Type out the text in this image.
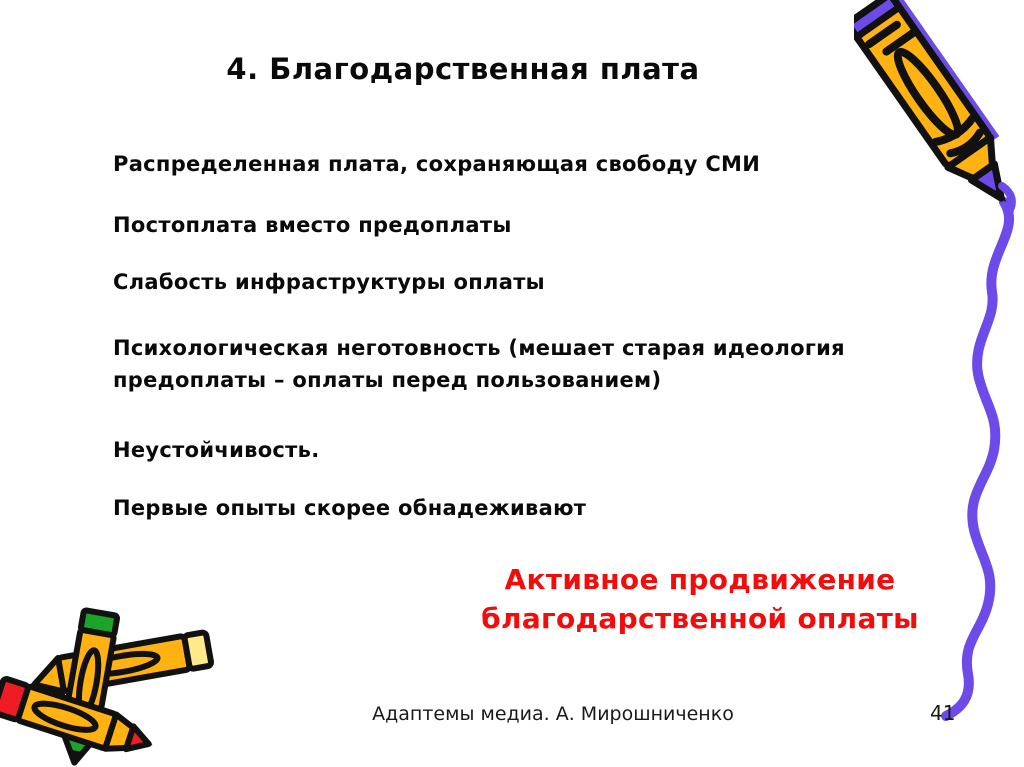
4. Благодарственная плата

Распределенная плата, сохраняющая свободу СМИ

Постоплата вместо предоплаты

Слабость инфраструктуры оплаты

Психологическая неготовность (мешает старая идеология предоплаты – оплаты перед пользованием)

Неустойчивость.

Первые опыты скорее обнадеживают

Активное продвижение
благодарственной оплаты
Адаптемы медиа. А. Мирошниченко	41
